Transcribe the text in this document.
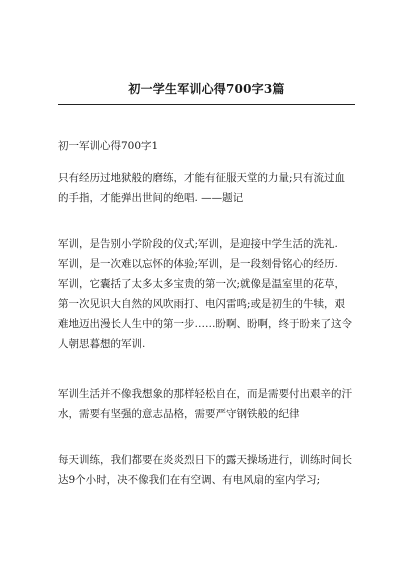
初一学生军训心得700字3篇

初一军训心得700字1

只有经历过地狱般的磨练，才能有征服天堂的力量;只有流过血
的手指，才能弹出世间的绝唱. ——题记

军训，是告别小学阶段的仪式;军训，是迎接中学生活的洗礼.
军训，是一次难以忘怀的体验;军训，是一段刻骨铭心的经历.
军训，它囊括了太多太多宝贵的第一次;就像是温室里的花草，
第一次见识大自然的风吹雨打、电闪雷鸣;或是初生的牛犊，艰
难地迈出漫长人生中的第一步……盼啊、盼啊，终于盼来了这令
人朝思暮想的军训.

军训生活并不像我想象的那样轻松自在，而是需要付出艰辛的汗
水，需要有坚强的意志品格，需要严守钢铁般的纪律

每天训练，我们都要在炎炎烈日下的露天操场进行，训练时间长
达9个小时，决不像我们在有空调、有电风扇的室内学习;
